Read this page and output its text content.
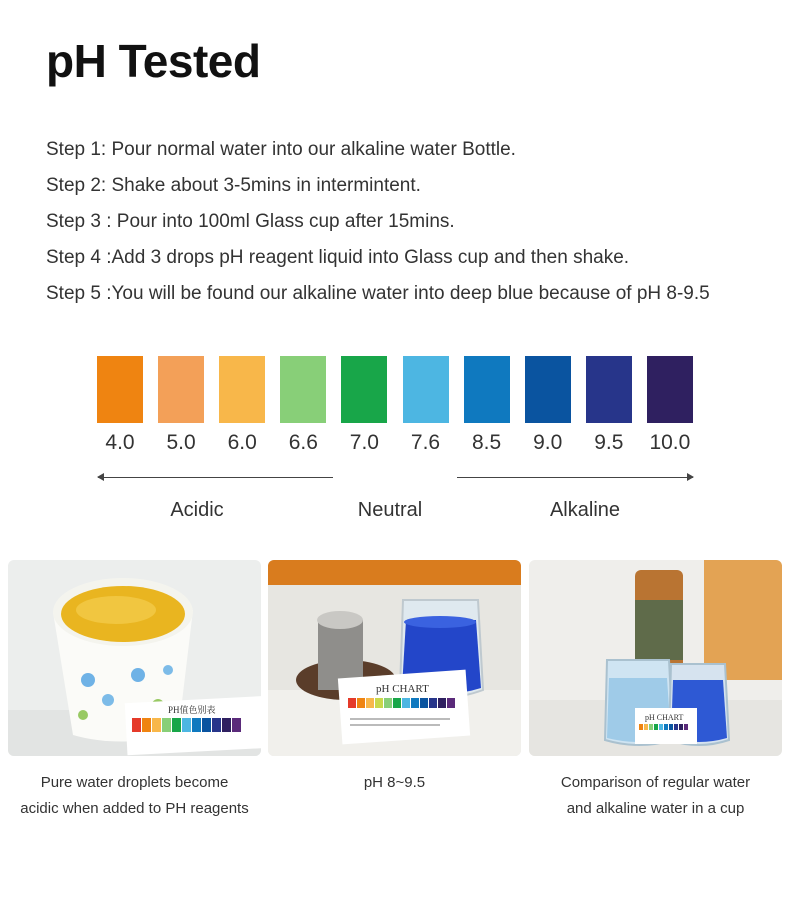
pH Tested
Step 1: Pour normal water into our alkaline water Bottle.
Step 2: Shake about 3-5mins in intermintent.
Step 3 : Pour into 100ml Glass cup after 15mins.
Step 4 :Add 3 drops pH reagent liquid into Glass cup and then shake.
Step 5 :You will be found our alkaline water into deep blue because of pH 8-9.5
4.0	5.0	6.0	6.6	7.0	7.6	8.5	9.0	9.5	10.0
Acidic	Neutral	Alkaline
PH值色别表
pH CHART
pH CHART
Pure water droplets become
acidic when added to PH reagents
pH 8~9.5	Comparison of regular water
and alkaline water in a cup
